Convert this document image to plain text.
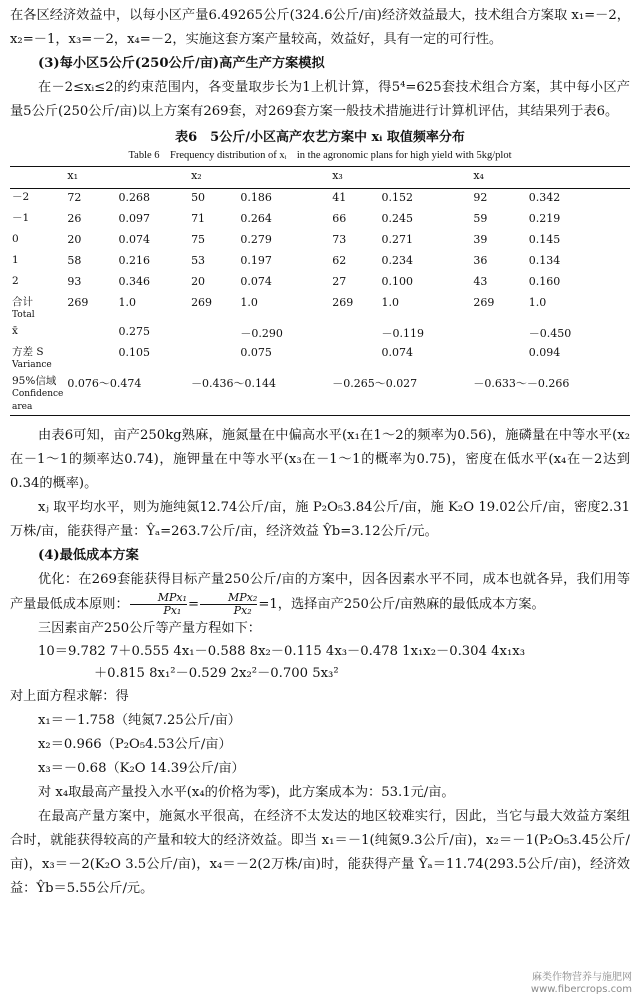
在各区经济效益中，以每小区产量6.49265公斤(324.6公斤/亩)经济效益最大，技术组合方案取 x₁=－2，x₂=－1，x₃=－2，x₄=－2，实施这套方案产量较高，效益好，具有一定的可行性。

(3)每小区5公斤(250公斤/亩)高产生产方案模拟

在－2≤xᵢ≤2的约束范围内，各变量取步长为1上机计算，得5⁴=625套技术组合方案，其中每小区产量5公斤(250公斤/亩)以上方案有269套，对269套方案一般技术措施进行计算机评估，其结果列于表6。

表6　5公斤/小区高产农艺方案中 xᵢ 取值频率分布
Table 6　Frequency distribution of xᵢ　in the agronomic plans for high yield with 5kg/plot
	x₁		x₂		x₃		x₄	
－2	72	0.268	50	0.186	41	0.152	92	0.342
－1	26	0.097	71	0.264	66	0.245	59	0.219
0	20	0.074	75	0.279	73	0.271	39	0.145
1	58	0.216	53	0.197	62	0.234	36	0.134
2	93	0.346	20	0.074	27	0.100	43	0.160
合计
Total	269	1.0	269	1.0	269	1.0	269	1.0
x̄		0.275		－0.290		－0.119		－0.450
方差 S
Variance		0.105		0.075		0.074		0.094
95%信域
Confidence area	0.076～0.474		－0.436～0.144		－0.265～0.027		－0.633～－0.266	

由表6可知，亩产250kg熟麻，施氮量在中偏高水平(x₁在1～2的频率为0.56)，施磷量在中等水平(x₂在－1～1的频率达0.74)，施钾量在中等水平(x₃在－1～1的概率为0.75)，密度在低水平(x₄在－2达到0.34的概率)。

xⱼ 取平均水平，则为施纯氮12.74公斤/亩，施 P₂O₅3.84公斤/亩，施 K₂O 19.02公斤/亩，密度2.31万株/亩，能获得产量：Ŷₐ=263.7公斤/亩，经济效益 Ŷb=3.12公斤/元。

(4)最低成本方案

优化：在269套能获得目标产量250公斤/亩的方案中，因各因素水平不同，成本也就各异，我们用等产量最低成本原则： $\frac{\text{MPx₁}}{\text{Px₁}} = \frac{\text{MPx₂}}{\text{Px₂}} =1$，选择亩产250公斤/亩熟麻的最低成本方案。

三因素亩产250公斤等产量方程如下：

10＝9.782 7＋0.555 4x₁－0.588 8x₂－0.115 4x₃－0.478 1x₁x₂－0.304 4x₁x₃

＋0.815 8x₁²－0.529 2x₂²－0.700 5x₃²

对上面方程求解：得

x₁＝－1.758（纯氮7.25公斤/亩）

x₂＝0.966（P₂O₅4.53公斤/亩）

x₃＝－0.68（K₂O 14.39公斤/亩）

对 x₄取最高产量投入水平(x₄的价格为零)，此方案成本为：53.1元/亩。

在最高产量方案中，施氮水平很高，在经济不太发达的地区较难实行，因此，当它与最大效益方案组合时，就能获得较高的产量和较大的经济效益。即当 x₁＝－1(纯氮9.3公斤/亩)，x₂＝－1(P₂O₅3.45公斤/亩)，x₃＝－2(K₂O 3.5公斤/亩)，x₄＝－2(2万株/亩)时，能获得产量 Ŷₐ＝11.74(293.5公斤/亩)，经济效益：Ŷb＝5.55公斤/元。

麻类作物营养与施肥网
www.fibercrops.com
